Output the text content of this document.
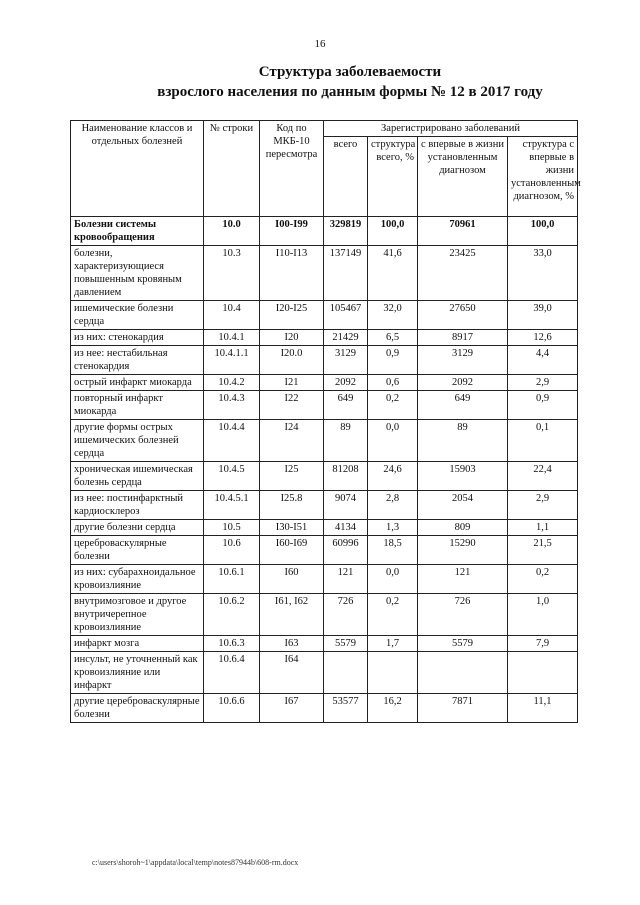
16
Структура заболеваемости
взрослого населения по данным формы № 12 в 2017 году
Наименование классов и отдельных болезней	№ строки	Код по МКБ-10 пересмотра	Зарегистрировано заболеваний			
			всего	структура всего, %	с впервые в жизни установленным диагнозом	структура с впервые в жизни установленным диагнозом, %
Болезни системы кровообращения	10.0	I00-I99	329819	100,0	70961	100,0
болезни, характеризующиеся повышенным кровяным давлением	10.3	I10-I13	137149	41,6	23425	33,0
ишемические болезни сердца	10.4	I20-I25	105467	32,0	27650	39,0
из них: стенокардия	10.4.1	I20	21429	6,5	8917	12,6
из нее: нестабильная стенокардия	10.4.1.1	I20.0	3129	0,9	3129	4,4
острый инфаркт миокарда	10.4.2	I21	2092	0,6	2092	2,9
повторный инфаркт миокарда	10.4.3	I22	649	0,2	649	0,9
другие формы острых ишемических болезней сердца	10.4.4	I24	89	0,0	89	0,1
хроническая ишемическая болезнь сердца	10.4.5	I25	81208	24,6	15903	22,4
из нее: постинфарктный кардиосклероз	10.4.5.1	I25.8	9074	2,8	2054	2,9
другие болезни сердца	10.5	I30-I51	4134	1,3	809	1,1
цереброваскулярные болезни	10.6	I60-I69	60996	18,5	15290	21,5
из них: субарахноидальное кровоизлияние	10.6.1	I60	121	0,0	121	0,2
внутримозговое и другое внутричерепное кровоизлияние	10.6.2	I61, I62	726	0,2	726	1,0
инфаркт мозга	10.6.3	I63	5579	1,7	5579	7,9
инсульт, не уточненный как кровоизлияние или инфаркт	10.6.4	I64				
другие цереброваскулярные болезни	10.6.6	I67	53577	16,2	7871	11,1
c:\users\shoroh~1\appdata\local\temp\notes87944b\608-rm.docx
